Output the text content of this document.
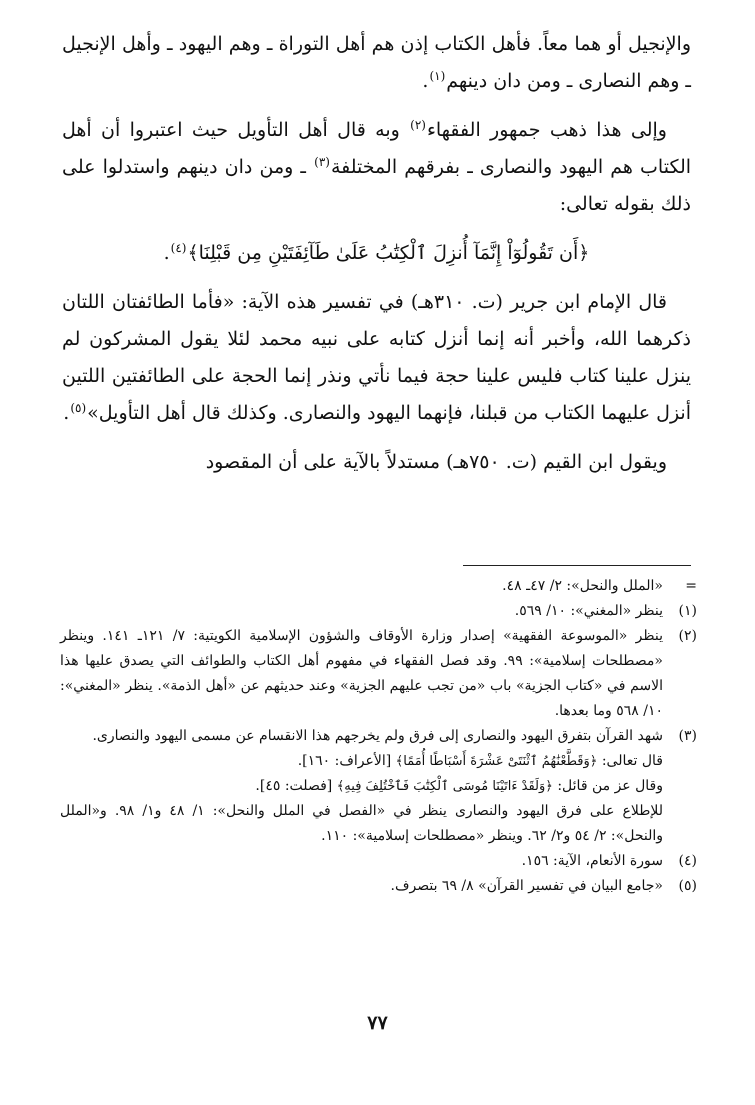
والإنجيل أو هما معاً. فأهل الكتاب إذن هم أهل التوراة ـ وهم اليهود ـ وأهل الإنجيل ـ وهم النصارى ـ ومن دان دينهم$^{(١)}$.

وإلى هذا ذهب جمهور الفقهاء$^{(٢)}$ وبه قال أهل التأويل حيث اعتبروا أن أهل الكتاب هم اليهود والنصارى ـ بفرقهم المختلفة$^{(٣)}$ ـ ومن دان دينهم واستدلوا على ذلك بقوله تعالى:

﴿أَن تَقُولُوٓاْ إِنَّمَآ أُنزِلَ ٱلْكِتَٰبُ عَلَىٰ طَآئِفَتَيْنِ مِن قَبْلِنَا﴾$^{(٤)}$.

قال الإمام ابن جرير (ت. ٣١٠هـ) في تفسير هذه الآية: «فأما الطائفتان اللتان ذكرهما الله، وأخبر أنه إنما أنزل كتابه على نبيه محمد لئلا يقول المشركون لم ينزل علينا كتاب فليس علينا حجة فيما نأتي ونذر إنما الحجة على الطائفتين اللتين أنزل عليهما الكتاب من قبلنا، فإنهما اليهود والنصارى. وكذلك قال أهل التأويل»$^{(٥)}$.

ويقول ابن القيم (ت. ٧٥٠هـ) مستدلاً بالآية على أن المقصود

=
«الملل والنحل»: ٢/ ٤٧ـ ٤٨.
(١)
ينظر «المغني»: ١٠/ ٥٦٩.
(٢)
ينظر «الموسوعة الفقهية» إصدار وزارة الأوقاف والشؤون الإسلامية الكويتية: ٧/ ١٢١ـ ١٤١. وينظر «مصطلحات إسلامية»: ٩٩. وقد فصل الفقهاء في مفهوم أهل الكتاب والطوائف التي يصدق عليها هذا الاسم في «كتاب الجزية» باب «من تجب عليهم الجزية» وعند حديثهم عن «أهل الذمة». ينظر «المغني»: ١٠/ ٥٦٨ وما بعدها.
(٣)
شهد القرآن بتفرق اليهود والنصارى إلى فرق ولم يخرجهم هذا الانقسام عن مسمى اليهود والنصارى.
قال تعالى: ﴿وَقَطَّعْنَٰهُمُ ٱثْنَتَىْ عَشْرَةَ أَسْبَاطًا أُمَمًا﴾ [الأعراف: ١٦٠].
وقال عز من قائل: ﴿وَلَقَدْ ءَاتَيْنَا مُوسَى ٱلْكِتَٰبَ فَٱخْتُلِفَ فِيهِ﴾ [فصلت: ٤٥].
للإطلاع على فرق اليهود والنصارى ينظر في «الفصل في الملل والنحل»: ١/ ٤٨ و١/ ٩٨. و«الملل والنحل»: ٢/ ٥٤ و٢/ ٦٢. وينظر «مصطلحات إسلامية»: ١١٠.
(٤)
سورة الأنعام، الآية: ١٥٦.
(٥)
«جامع البيان في تفسير القرآن» ٨/ ٦٩ بتصرف.
٧٧
